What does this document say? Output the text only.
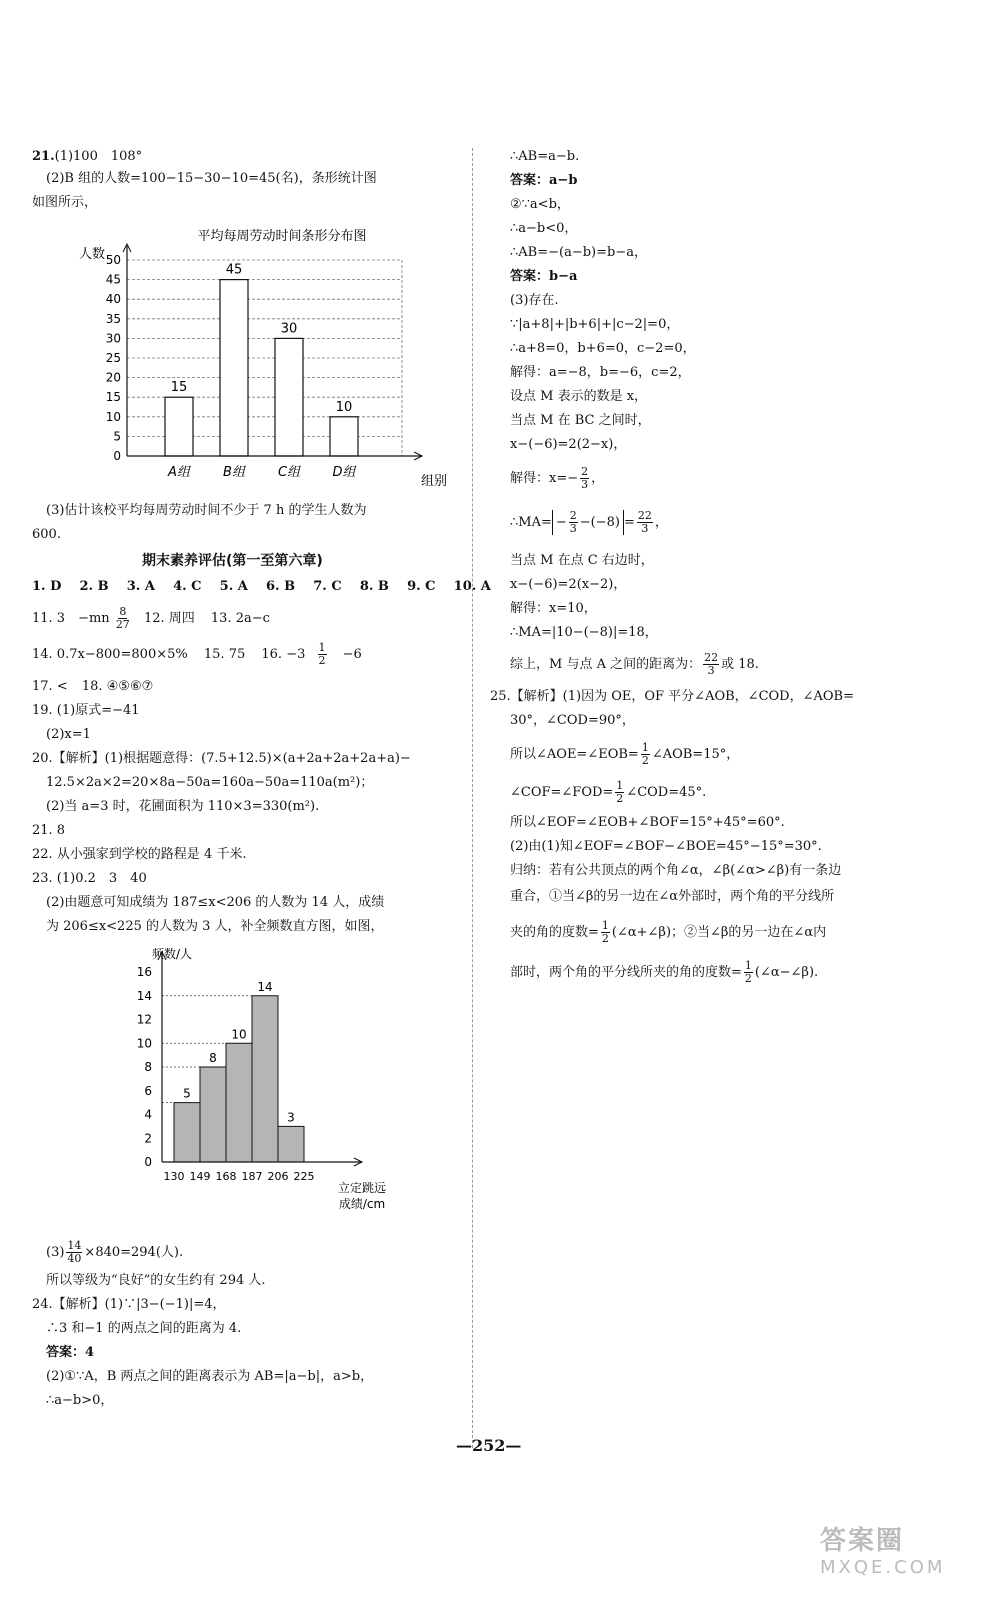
21.(1)100　108°
(2)B 组的人数=100−15−30−10=45(名)，条形统计图
如图所示，
平均每周劳动时间条形分布图
人数
15
45
30
10
0
5
10
15
20
25
30
35
40
45
50
A组	B组	C组 D组
组别
(3)估计该校平均每周劳动时间不少于 7 h 的学生人数为
600.
期末素养评估(第一至第六章)
1. D 2. B 3. A 4. C 5. A 6. B 7. C 8. B 9. C 10. A
11. 3　$-mn \frac{8}{27} 12$. 周四 13. 2a−c
14. 0.7x−800=800×5% 15. 75 16. $-3 \frac{1}{2} -6$
17. < 18. ④⑤⑥⑦
19. (1)原式=−41
(2)x=1
20.【解析】(1)根据题意得：(7.5+12.5)×(a+2a+2a+2a+a)−
12.5×2a×2=20×8a−50a=160a−50a=110a(m²)；
(2)当 a=3 时，花圃面积为 110×3=330(m²).
21. 8
22. 从小强家到学校的路程是 4 千米.
23. (1)0.2　3　40
(2)由题意可知成绩为 187≤x<206 的人数为 14 人，成绩
为 206≤x<225 的人数为 3 人，补全频数直方图，如图，
频数/人
5
8
10
14
3
0
2
4
6
8
10
12
14
16
130 149 168 187 206 225
立定跳远
成绩/cm
$(3) \frac{14}{40} \times 840=294$(人).
所以等级为“良好”的女生约有 294 人.
24.【解析】(1)∵|3−(−1)|=4，
∴3 和−1 的两点之间的距离为 4.
答案：4
(2)①∵A，B 两点之间的距离表示为 AB=|a−b|，a>b，
∴a−b>0，
∴AB=a−b.
答案：a−b
②∵a<b，
∴a−b<0，
∴AB=−(a−b)=b−a，
答案：b−a
(3)存在.
∵|a+8|+|b+6|+|c−2|=0，
∴a+8=0，b+6=0，c−2=0，
解得：a=−8，b=−6，c=2，
设点 M 表示的数是 x，
当点 M 在 BC 之间时，
x−(−6)=2(2−x)，
解得：$x=- \frac{2}{3}$ ，
∴MA= − $\frac{2}{3} -(-8) = \frac{22}{3}$ ，
当点 M 在点 C 右边时，
x−(−6)=2(x−2)，
解得：x=10，
∴MA=|10−(−8)|=18，
综上，M 与点 A 之间的距离为： $\frac{22}{3}$ 或 18.
25.【解析】(1)因为 OE，OF 平分∠AOB，∠COD，∠AOB=
30°，∠COD=90°，
所以∠AOE=∠EOB= $\frac{1}{2}$ ∠AOB=15°，
∠COF=∠FOD= $\frac{1}{2}$ ∠COD=45°.
所以∠EOF=∠EOB+∠BOF=15°+45°=60°.
(2)由(1)知∠EOF=∠BOF−∠BOE=45°−15°=30°.
归纳：若有公共顶点的两个角∠α，∠β(∠α>∠β)有一条边
重合，①当∠β的另一边在∠α外部时，两个角的平分线所
夹的角的度数= $\frac{1}{2}$ (∠α+∠β)；②当∠β的另一边在∠α内
部时，两个角的平分线所夹的角的度数= $\frac{1}{2}$ (∠α−∠β).
—252—
答案圈
MXQE.COM
